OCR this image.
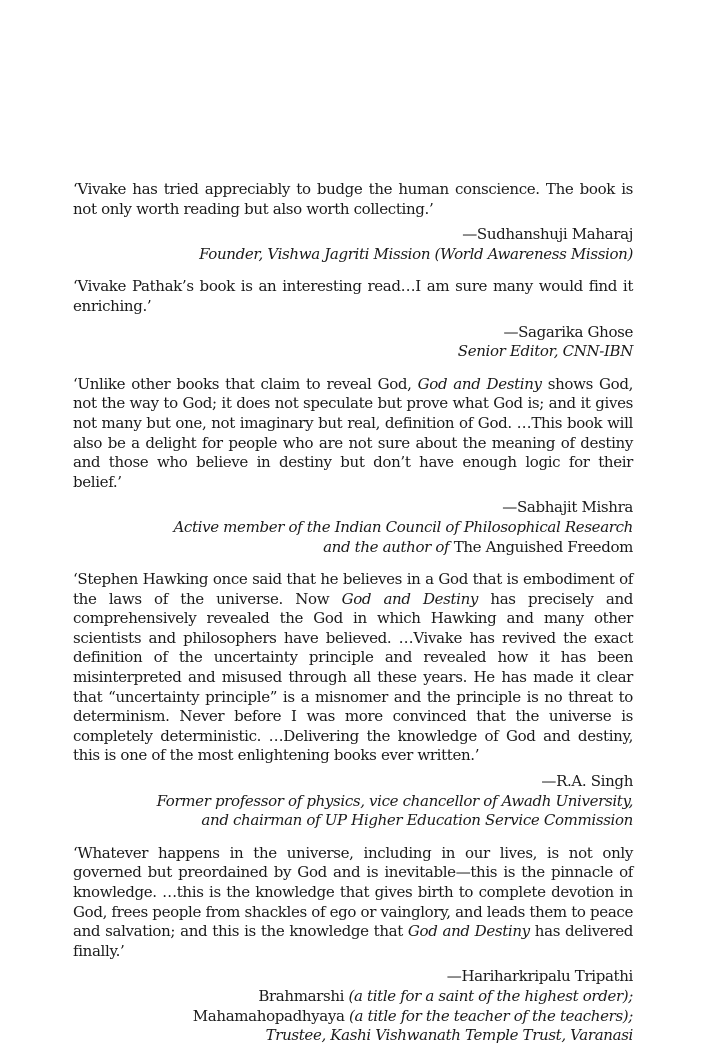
‘Vivake has tried appreciably to budge the human conscience. The book is not only worth reading but also worth collecting.’

—Sudhanshuji Maharaj
Founder, Vishwa Jagriti Mission (World Awareness Mission)

‘Vivake Pathak’s book is an interesting read…I am sure many would find it enriching.’

—Sagarika Ghose
Senior Editor, CNN-IBN

‘Unlike other books that claim to reveal God, God and Destiny shows God, not the way to God; it does not speculate but prove what God is; and it gives not many but one, not imaginary but real, definition of God. …This book will also be a delight for people who are not sure about the meaning of destiny and those who believe in destiny but don’t have enough logic for their belief.’

—Sabhajit Mishra
Active member of the Indian Council of Philosophical Research
and the author of The Anguished Freedom

‘Stephen Hawking once said that he believes in a God that is embodiment of the laws of the universe. Now God and Destiny has precisely and comprehensively revealed the God in which Hawking and many other scientists and philosophers have believed. …Vivake has revived the exact definition of the uncertainty principle and revealed how it has been misinterpreted and misused through all these years. He has made it clear that “uncertainty principle” is a misnomer and the principle is no threat to determinism. Never before I was more convinced that the universe is completely deterministic. …Delivering the knowledge of God and destiny, this is one of the most enlightening books ever written.’

—R.A. Singh
Former professor of physics, vice chancellor of Awadh University,
and chairman of UP Higher Education Service Commission

‘Whatever happens in the universe, including in our lives, is not only governed but preordained by God and is inevitable—this is the pinnacle of knowledge. …this is the knowledge that gives birth to complete devotion in God, frees people from shackles of ego or vainglory, and leads them to peace and salvation; and this is the knowledge that God and Destiny has delivered finally.’

—Hariharkripalu Tripathi
Brahmarshi (a title for a saint of the highest order);
Mahamahopadhyaya (a title for the teacher of the teachers);
Trustee, Kashi Vishwanath Temple Trust, Varanasi
